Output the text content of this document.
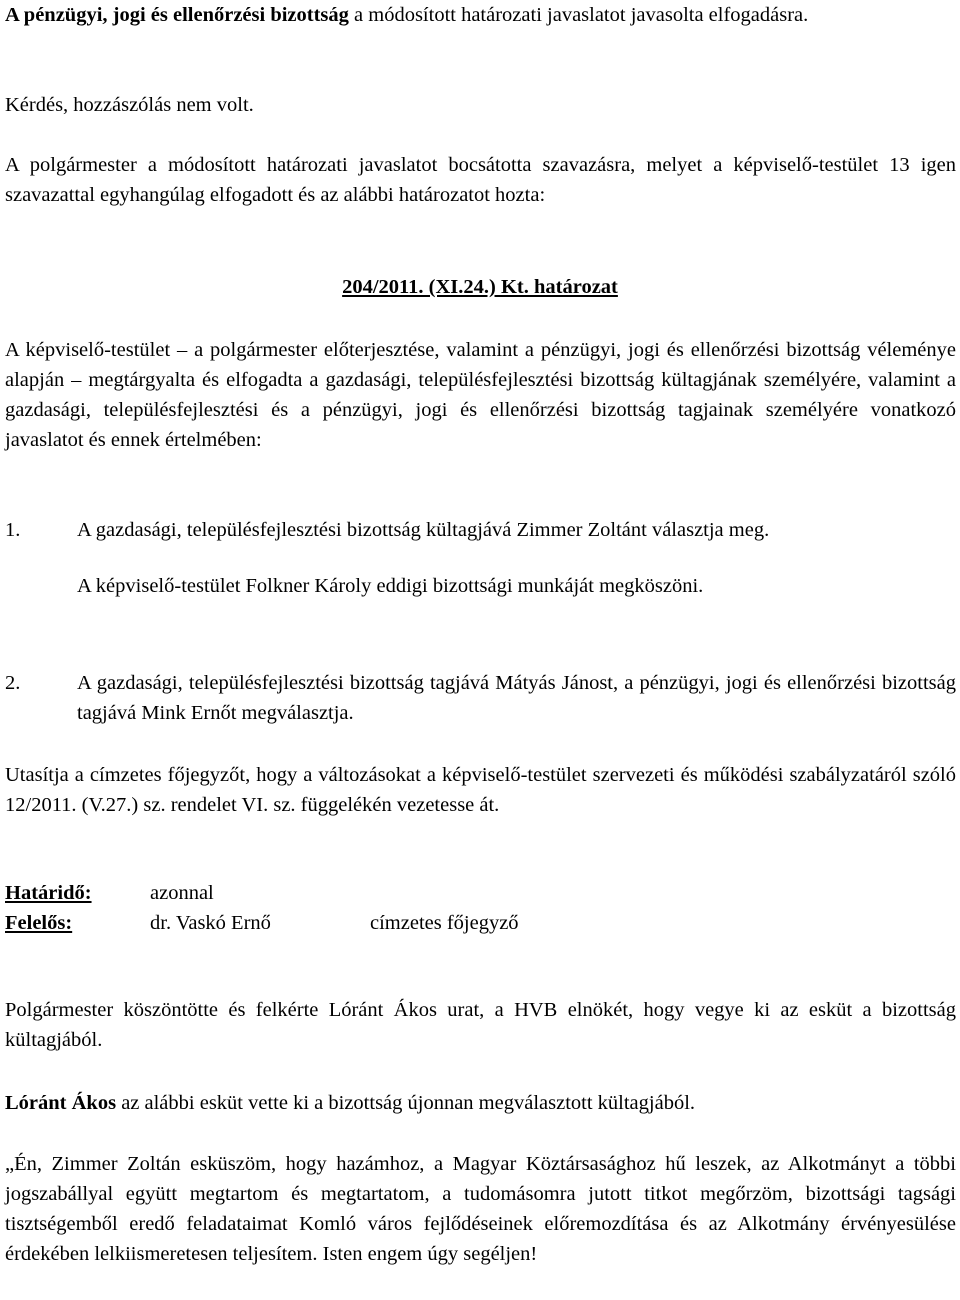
A pénzügyi, jogi és ellenőrzési bizottság a módosított határozati javaslatot javasolta elfogadásra.

Kérdés, hozzászólás nem volt.

A polgármester a módosított határozati javaslatot bocsátotta szavazásra, melyet a képviselő-testület 13 igen szavazattal egyhangúlag elfogadott és az alábbi határozatot hozta:

204/2011. (XI.24.) Kt. határozat

A képviselő-testület – a polgármester előterjesztése, valamint a pénzügyi, jogi és ellenőrzési bizottság véleménye alapján – megtárgyalta és elfogadta a gazdasági, településfejlesztési bizottság kültagjának személyére, valamint a gazdasági, településfejlesztési és a pénzügyi, jogi és ellenőrzési bizottság tagjainak személyére vonatkozó javaslatot és ennek értelmében:

1.	A gazdasági, településfejlesztési bizottság kültagjává Zimmer Zoltánt választja meg.

A képviselő-testület Folkner Károly eddigi bizottsági munkáját megköszöni.

2.	A gazdasági, településfejlesztési bizottság tagjává Mátyás Jánost, a pénzügyi, jogi és ellenőrzési bizottság tagjává Mink Ernőt megválasztja.

Utasítja a címzetes főjegyzőt, hogy a változásokat a képviselő-testület szervezeti és működési szabályzatáról szóló 12/2011. (V.27.) sz. rendelet VI. sz. függelékén vezetesse át.

Határidő:	azonnal
Felelős:	dr. Vaskó Ernő	címzetes főjegyző

Polgármester köszöntötte és felkérte Lóránt Ákos urat, a HVB elnökét, hogy vegye ki az esküt a bizottság kültagjából.

Lóránt Ákos az alábbi esküt vette ki a bizottság újonnan megválasztott kültagjából.

„Én, Zimmer Zoltán esküszöm, hogy hazámhoz, a Magyar Köztársasághoz hű leszek, az Alkotmányt a többi jogszabállyal együtt megtartom és megtartatom, a tudomásomra jutott titkot megőrzöm, bizottsági tagsági tisztségemből eredő feladataimat Komló város fejlődéseinek előremozdítása és az Alkotmány érvényesülése érdekében lelkiismeretesen teljesítem. Isten engem úgy segéljen!
